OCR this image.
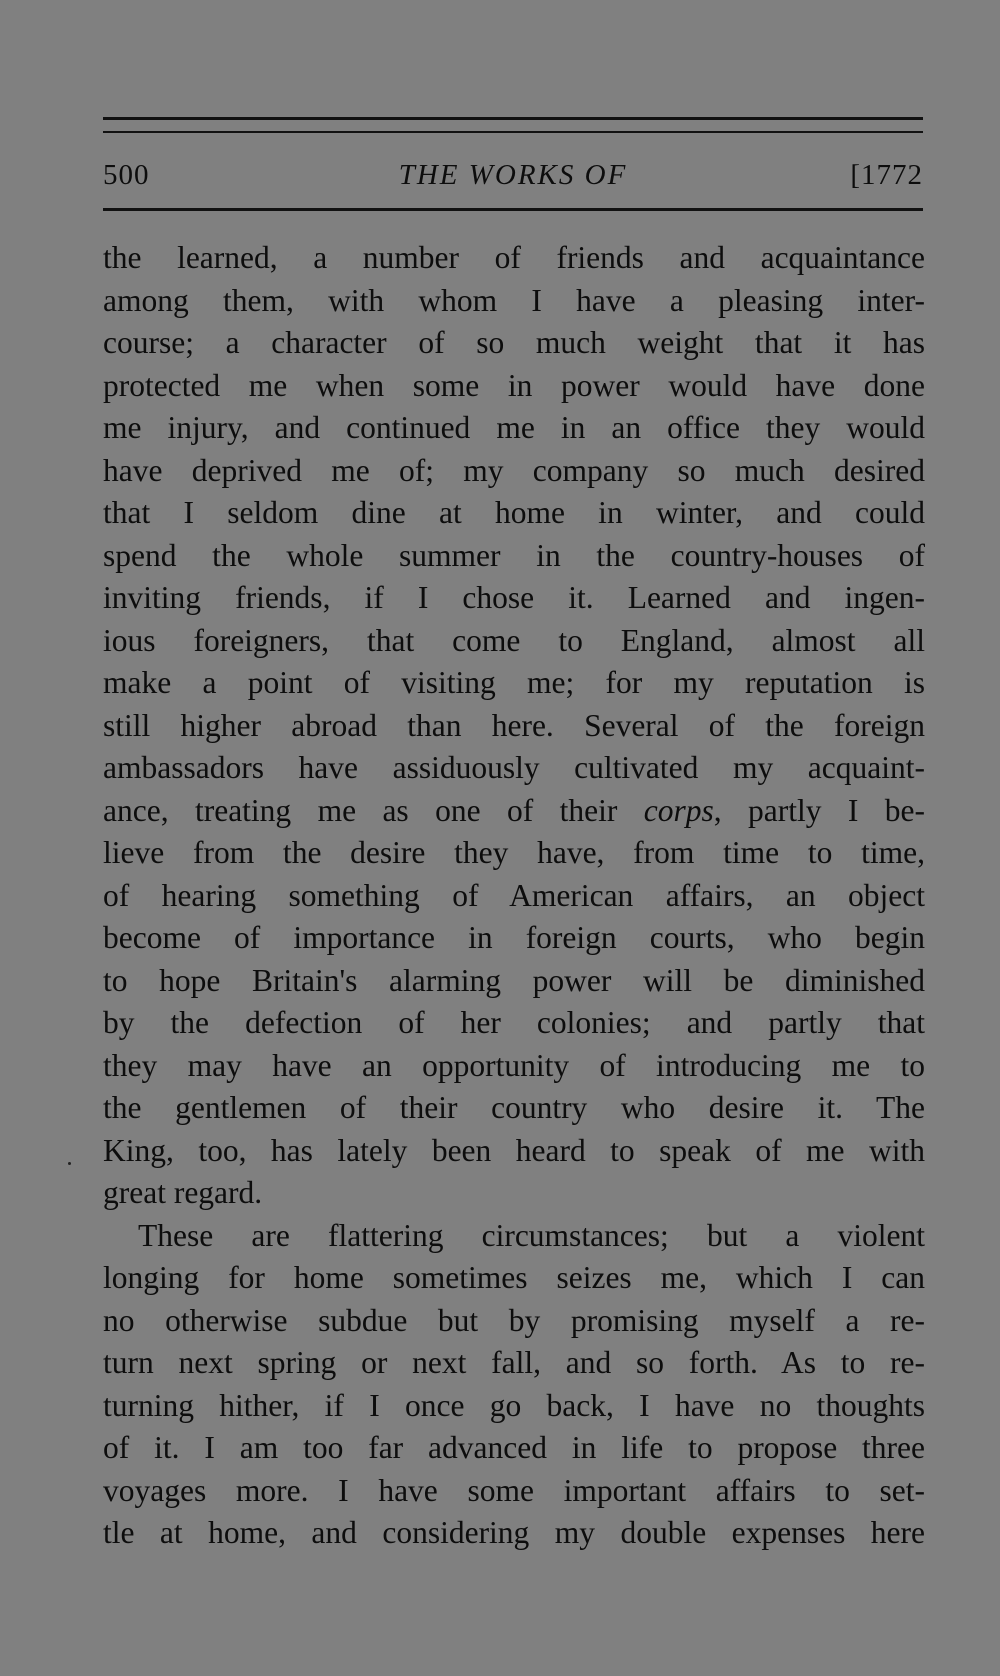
500	THE WORKS OF	[1772
the learned, a number of friends and acquaintance
among them, with whom I have a pleasing inter-
course; a character of so much weight that it has
protected me when some in power would have done
me injury, and continued me in an office they would
have deprived me of; my company so much desired
that I seldom dine at home in winter, and could
spend the whole summer in the country-houses of
inviting friends, if I chose it. Learned and ingen-
ious foreigners, that come to England, almost all
make a point of visiting me; for my reputation is
still higher abroad than here. Several of the foreign
ambassadors have assiduously cultivated my acquaint-
ance, treating me as one of their corps, partly I be-
lieve from the desire they have, from time to time,
of hearing something of American affairs, an object
become of importance in foreign courts, who begin
to hope Britain's alarming power will be diminished
by the defection of her colonies; and partly that
they may have an opportunity of introducing me to
the gentlemen of their country who desire it. The
King, too, has lately been heard to speak of me with
great regard.
These are flattering circumstances; but a violent
longing for home sometimes seizes me, which I can
no otherwise subdue but by promising myself a re-
turn next spring or next fall, and so forth. As to re-
turning hither, if I once go back, I have no thoughts
of it. I am too far advanced in life to propose three
voyages more. I have some important affairs to set-
tle at home, and considering my double expenses here
